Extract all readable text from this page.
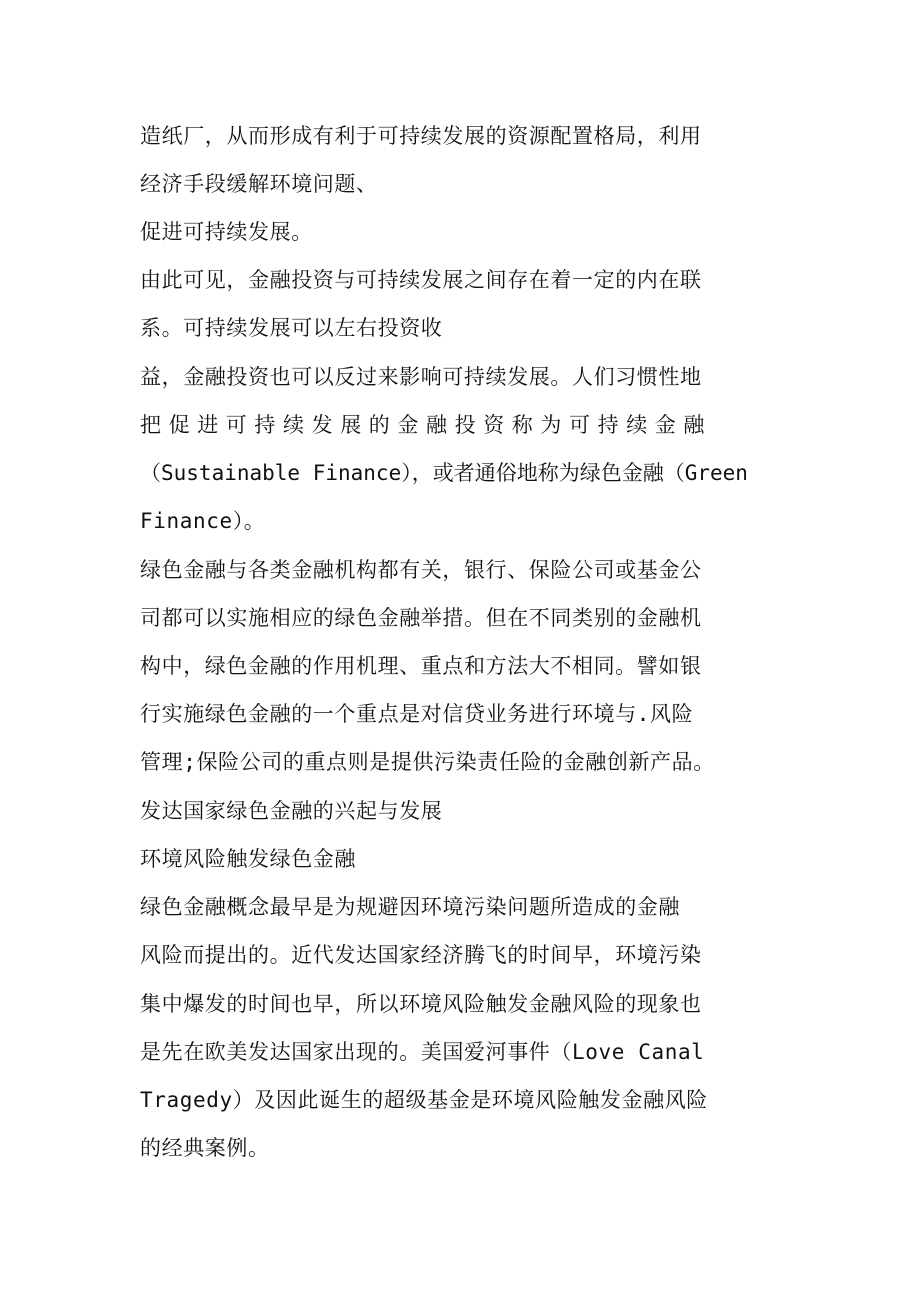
造纸厂，从而形成有利于可持续发展的资源配置格局，利用
经济手段缓解环境问题、
促进可持续发展。
由此可见，金融投资与可持续发展之间存在着一定的内在联
系。可持续发展可以左右投资收
益，金融投资也可以反过来影响可持续发展。人们习惯性地
把促进可持续发展的金融投资称为可持续金融
（Sustainable Finance），或者通俗地称为绿色金融（Green
Finance）。
绿色金融与各类金融机构都有关，银行、保险公司或基金公
司都可以实施相应的绿色金融举措。但在不同类别的金融机
构中，绿色金融的作用机理、重点和方法大不相同。譬如银
行实施绿色金融的一个重点是对信贷业务进行环境与.风险
管理;保险公司的重点则是提供污染责任险的金融创新产品。
发达国家绿色金融的兴起与发展
环境风险触发绿色金融
绿色金融概念最早是为规避因环境污染问题所造成的金融
风险而提出的。近代发达国家经济腾飞的时间早，环境污染
集中爆发的时间也早，所以环境风险触发金融风险的现象也
是先在欧美发达国家出现的。美国爱河事件（Love Canal
Tragedy）及因此诞生的超级基金是环境风险触发金融风险
的经典案例。
